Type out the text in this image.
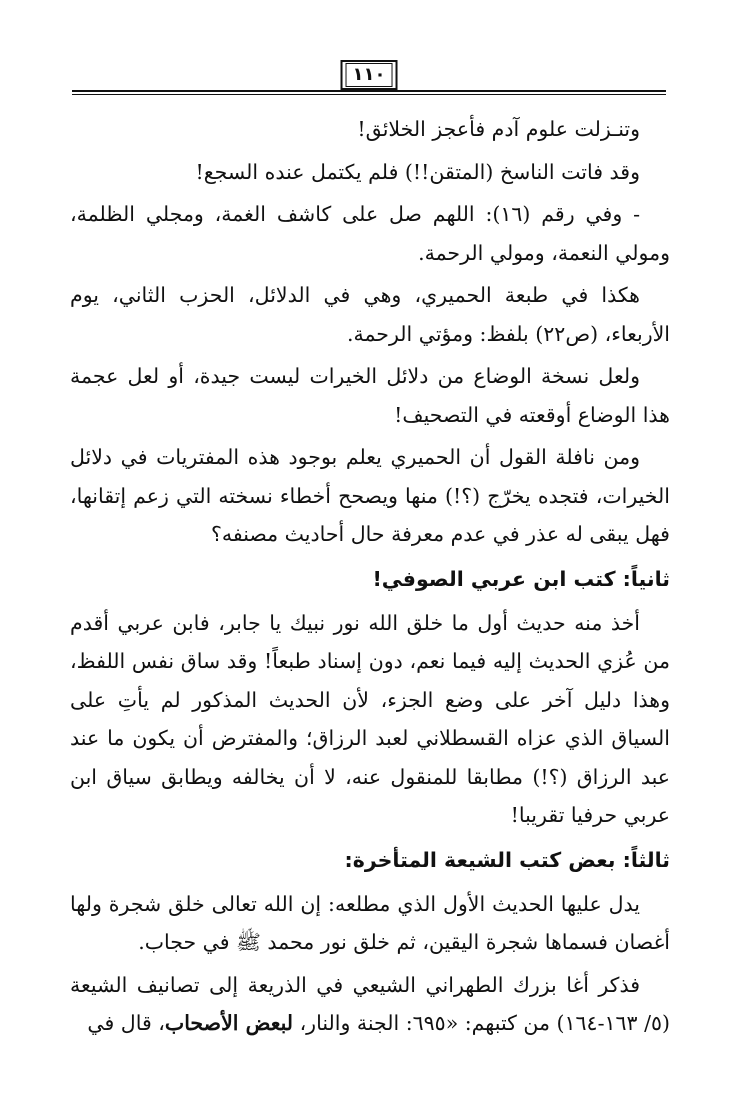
١١٠

وتنـزلت علوم آدم فأعجز الخلائق!

وقد فاتت الناسخ (المتقن!!) فلم يكتمل عنده السجع!

- وفي رقم (١٦): اللهم صل على كاشف الغمة، ومجلي الظلمة، ومولي النعمة، ومولي الرحمة.

هكذا في طبعة الحميري، وهي في الدلائل، الحزب الثاني، يوم الأربعاء، (ص٢٢) بلفظ: ومؤتي الرحمة.

ولعل نسخة الوضاع من دلائل الخيرات ليست جيدة، أو لعل عجمة هذا الوضاع أوقعته في التصحيف!

ومن نافلة القول أن الحميري يعلم بوجود هذه المفتريات في دلائل الخيرات، فتجده يخرّج (؟!) منها ويصحح أخطاء نسخته التي زعم إتقانها، فهل يبقى له عذر في عدم معرفة حال أحاديث مصنفه؟

ثانياً: كتب ابن عربي الصوفي!

أخذ منه حديث أول ما خلق الله نور نبيك يا جابر، فابن عربي أقدم من عُزي الحديث إليه فيما نعم، دون إسناد طبعاً! وقد ساق نفس اللفظ، وهذا دليل آخر على وضع الجزء، لأن الحديث المذكور لم يأتِ على السياق الذي عزاه القسطلاني لعبد الرزاق؛ والمفترض أن يكون ما عند عبد الرزاق (؟!) مطابقا للمنقول عنه، لا أن يخالفه ويطابق سياق ابن عربي حرفيا تقريبا!

ثالثاً: بعض كتب الشيعة المتأخرة:

يدل عليها الحديث الأول الذي مطلعه: إن الله تعالى خلق شجرة ولها أغصان فسماها شجرة اليقين، ثم خلق نور محمد ﷺ في حجاب.

فذكر أغا بزرك الطهراني الشيعي في الذريعة إلى تصانيف الشيعة (٥/ ١٦٣-١٦٤) من كتبهم: «٦٩٥: الجنة والنار، لبعض الأصحاب، قال في
